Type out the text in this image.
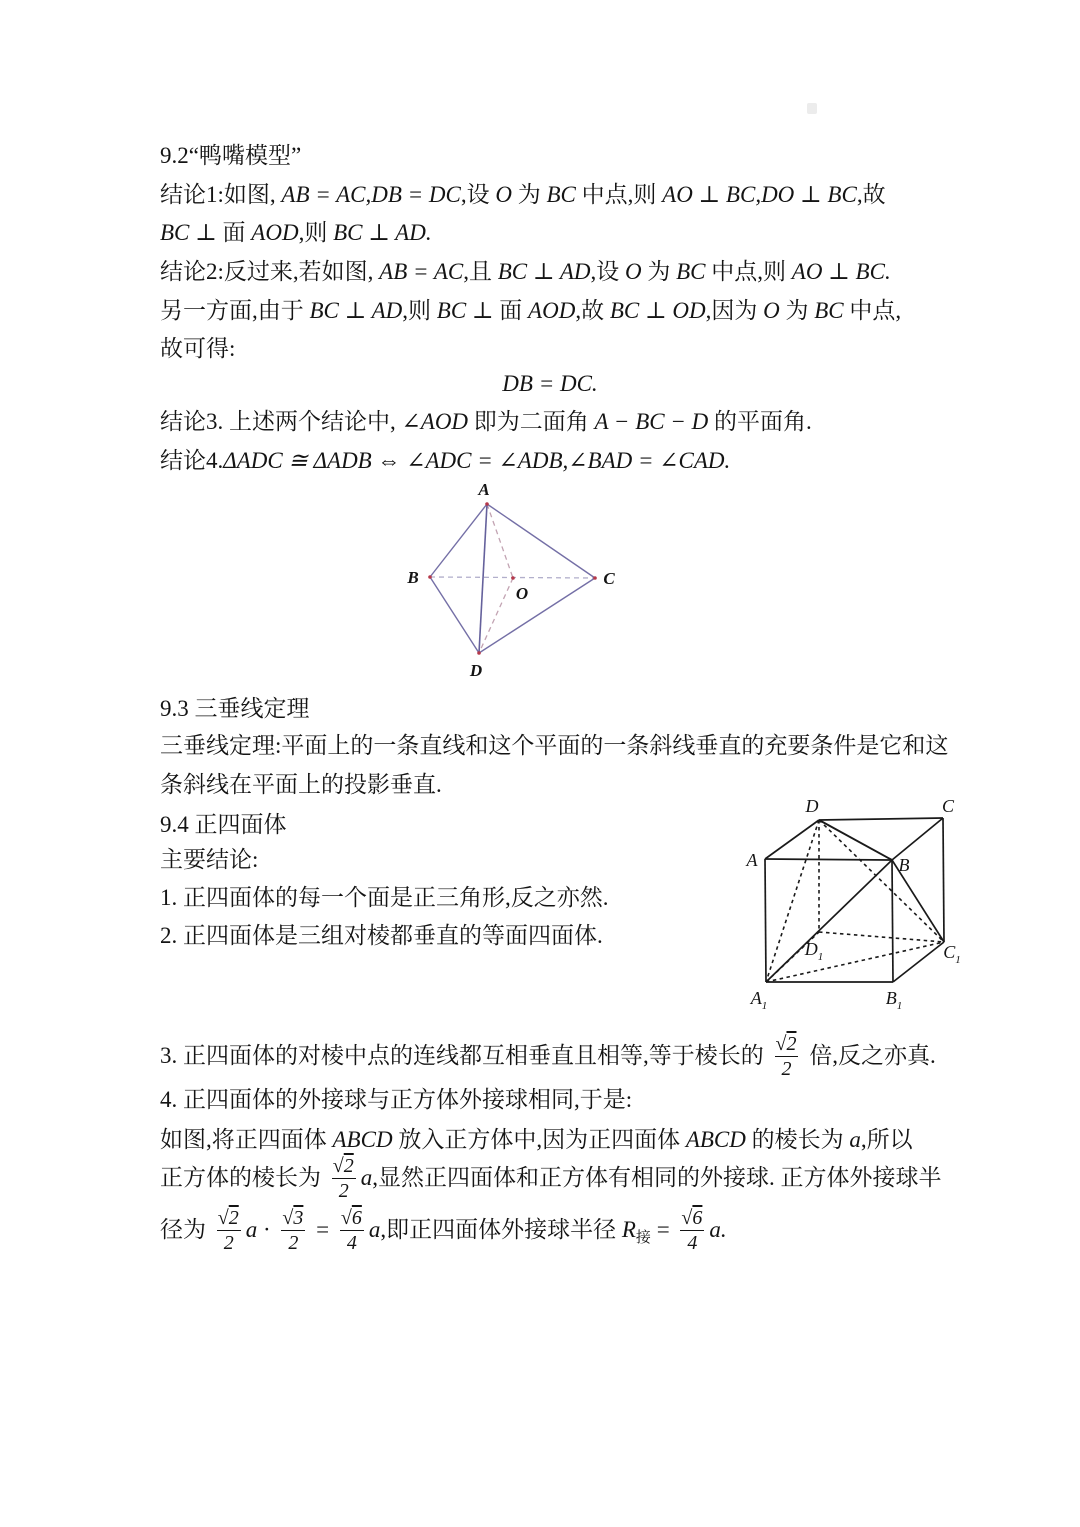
9.2“鸭嘴模型”
结论1:如图, AB = AC,DB = DC ,设 O 为 BC 中点,则 AO ⊥ BC,DO ⊥ BC ,故
BC ⊥ 面 AOD ,则 BC ⊥ AD.
结论2:反过来,若如图, AB = AC ,且 BC ⊥ AD ,设 O 为 BC 中点,则 AO ⊥ BC.
另一方面,由于 BC ⊥ AD ,则 BC ⊥ 面 AOD ,故 BC ⊥ OD ,因为 O 为 BC 中点,
故可得:
DB = DC.
结论3. 上述两个结论中, ∠AOD 即为二面角 A − BC − D 的平面角.
结论4. ΔADC ≅ ΔADB ⇔ ∠ADC = ∠ADB,∠BAD = ∠CAD.
A
B	C
O
D
9.3 三垂线定理
三垂线定理:平面上的一条直线和这个平面的一条斜线垂直的充要条件是它和这
条斜线在平面上的投影垂直.
9.4 正四面体
主要结论:
1. 正四面体的每一个面是正三角形,反之亦然.
2. 正四面体是三组对棱都垂直的等面四面体.
D	C
A	B
$D_1$	$C_1$
$A_1$	$B_1$
3. 正四面体的对棱中点的连线都互相垂直且相等,等于棱长的 $\frac{√2}{2}$ 倍,反之亦真.
4. 正四面体的外接球与正方体外接球相同,于是:
如图,将正四面体 ABCD 放入正方体中,因为正四面体 ABCD 的棱长为 a ,所以
正方体的棱长为 $\frac{√2}{2}$ a ,显然正四面体和正方体有相同的外接球. 正方体外接球半
径为 $\frac{√2}{2}$ $a \cdot \frac{√3}{2} = \frac{√6}{4}$ a ,即正四面体外接球半径 R 接 = $\frac{√6}{4} a$.
